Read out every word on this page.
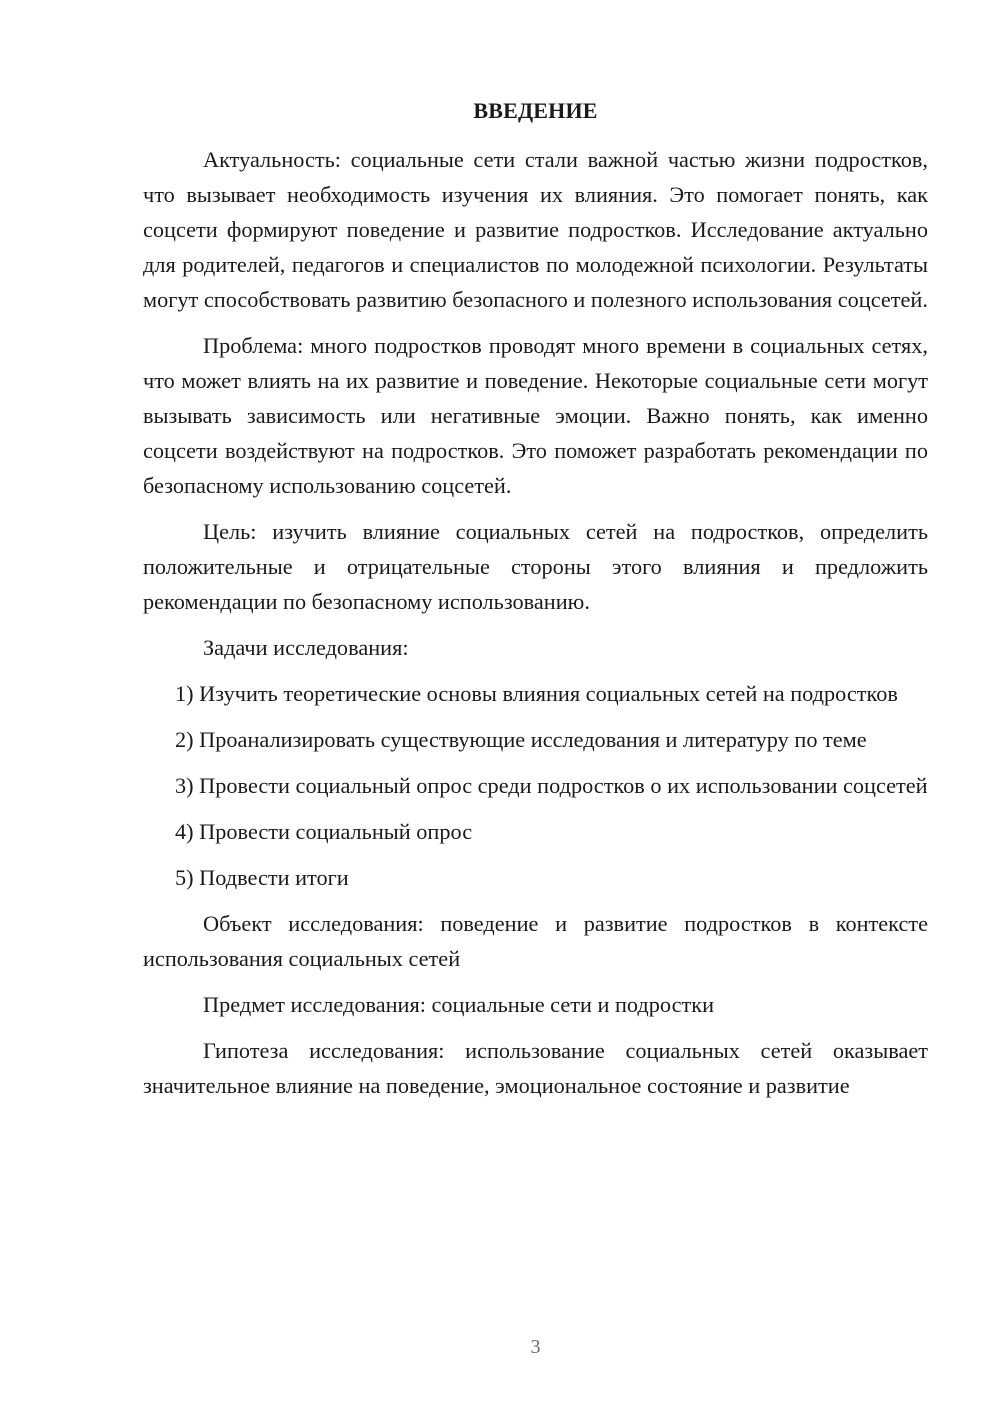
ВВЕДЕНИЕ

Актуальность: социальные сети стали важной частью жизни подростков, что вызывает необходимость изучения их влияния. Это помогает понять, как соцсети формируют поведение и развитие подростков. Исследование актуально для родителей, педагогов и специалистов по молодежной психологии. Результаты могут способствовать развитию безопасного и полезного использования соцсетей.

Проблема: много подростков проводят много времени в социальных сетях, что может влиять на их развитие и поведение. Некоторые социальные сети могут вызывать зависимость или негативные эмоции. Важно понять, как именно соцсети воздействуют на подростков. Это поможет разработать рекомендации по безопасному использованию соцсетей.

Цель: изучить влияние социальных сетей на подростков, определить положительные и отрицательные стороны этого влияния и предложить рекомендации по безопасному использованию.

Задачи исследования:

1) Изучить теоретические основы влияния социальных сетей на подростков

2) Проанализировать существующие исследования и литературу по теме

3) Провести социальный опрос среди подростков о их использовании соцсетей

4) Провести социальный опрос

5) Подвести итоги

Объект исследования: поведение и развитие подростков в контексте использования социальных сетей

Предмет исследования: социальные сети и подростки

Гипотеза исследования: использование социальных сетей оказывает значительное влияние на поведение, эмоциональное состояние и развитие

3
